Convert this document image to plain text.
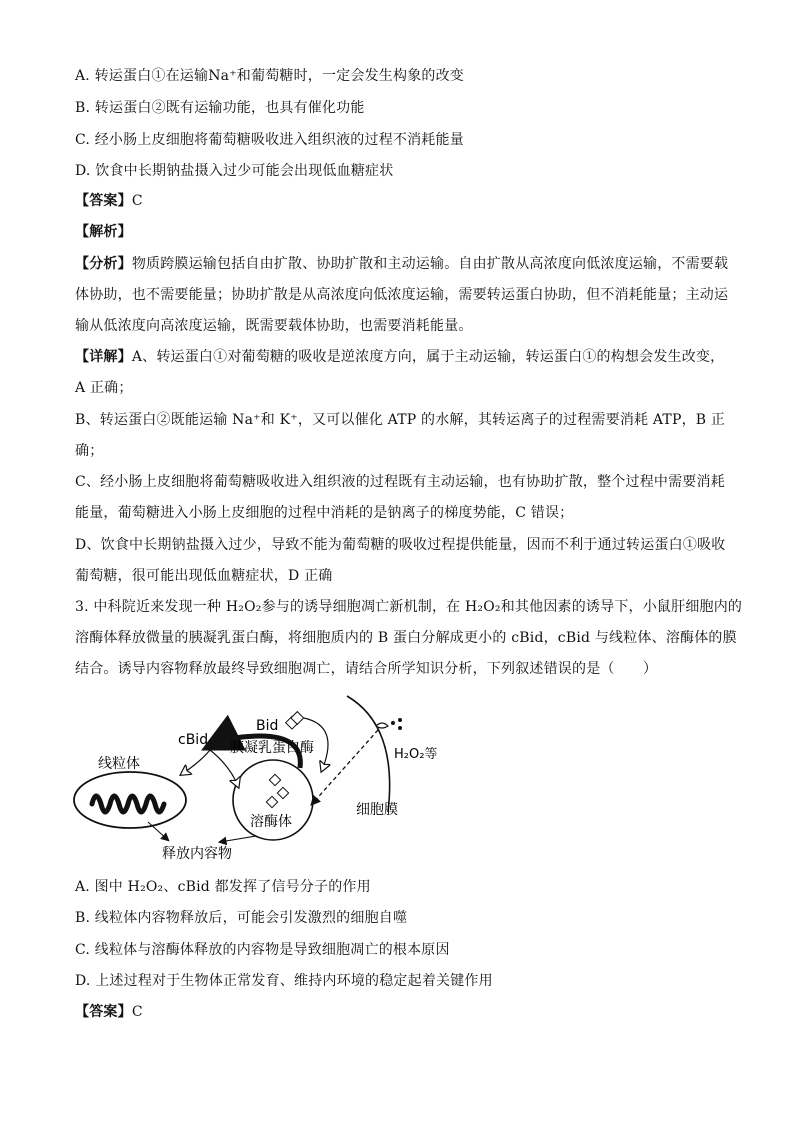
A. 转运蛋白①在运输Na⁺和葡萄糖时，一定会发生构象的改变

B. 转运蛋白②既有运输功能，也具有催化功能

C. 经小肠上皮细胞将葡萄糖吸收进入组织液的过程不消耗能量

D. 饮食中长期钠盐摄入过少可能会出现低血糖症状

【答案】C

【解析】

【分析】物质跨膜运输包括自由扩散、协助扩散和主动运输。自由扩散从高浓度向低浓度运输，不需要载

体协助，也不需要能量；协助扩散是从高浓度向低浓度运输，需要转运蛋白协助，但不消耗能量；主动运

输从低浓度向高浓度运输，既需要载体协助，也需要消耗能量。

【详解】A、转运蛋白①对葡萄糖的吸收是逆浓度方向，属于主动运输，转运蛋白①的构想会发生改变，

A 正确；

B、转运蛋白②既能运输 Na⁺和 K⁺，又可以催化 ATP 的水解，其转运离子的过程需要消耗 ATP，B 正

确；

C、经小肠上皮细胞将葡萄糖吸收进入组织液的过程既有主动运输，也有协助扩散，整个过程中需要消耗

能量，葡萄糖进入小肠上皮细胞的过程中消耗的是钠离子的梯度势能，C 错误；

D、饮食中长期钠盐摄入过少，导致不能为葡萄糖的吸收过程提供能量，因而不利于通过转运蛋白①吸收

葡萄糖，很可能出现低血糖症状，D 正确

3. 中科院近来发现一种 H₂O₂参与的诱导细胞凋亡新机制，在 H₂O₂和其他因素的诱导下，小鼠肝细胞内的

溶酶体释放微量的胰凝乳蛋白酶，将细胞质内的 B 蛋白分解成更小的 cBid，cBid 与线粒体、溶酶体的膜

结合。诱导内容物释放最终导致细胞凋亡，请结合所学知识分析，下列叙述错误的是（　　）

Bid
cBid 胰凝乳蛋白酶
线粒体
溶酶体
H₂O₂等
细胞膜
释放内容物

A. 图中 H₂O₂、cBid 都发挥了信号分子的作用

B. 线粒体内容物释放后，可能会引发激烈的细胞自噬

C. 线粒体与溶酶体释放的内容物是导致细胞凋亡的根本原因

D. 上述过程对于生物体正常发育、维持内环境的稳定起着关键作用

【答案】C
